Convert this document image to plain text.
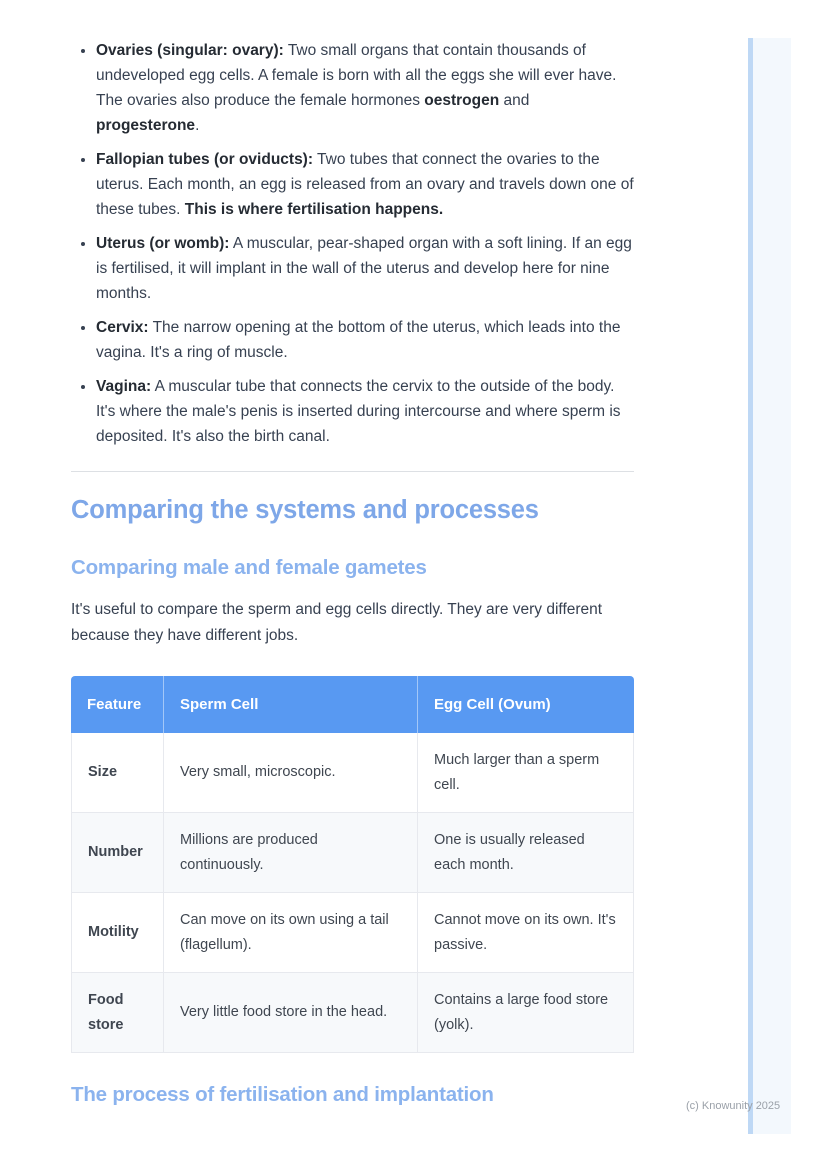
• Ovaries (singular: ovary): Two small organs that contain thousands of undeveloped egg cells. A female is born with all the eggs she will ever have. The ovaries also produce the female hormones oestrogen and progesterone.
• Fallopian tubes (or oviducts): Two tubes that connect the ovaries to the uterus. Each month, an egg is released from an ovary and travels down one of these tubes. This is where fertilisation happens.
• Uterus (or womb): A muscular, pear-shaped organ with a soft lining. If an egg is fertilised, it will implant in the wall of the uterus and develop here for nine months.
• Cervix: The narrow opening at the bottom of the uterus, which leads into the vagina. It's a ring of muscle.
• Vagina: A muscular tube that connects the cervix to the outside of the body. It's where the male's penis is inserted during intercourse and where sperm is deposited. It's also the birth canal.
Comparing the systems and processes
Comparing male and female gametes

It's useful to compare the sperm and egg cells directly. They are very different because they have different jobs.

Feature	Sperm Cell	Egg Cell (Ovum)
Size	Very small, microscopic.	Much larger than a sperm cell.
Number	Millions are produced continuously.	One is usually released each month.
Motility	Can move on its own using a tail (flagellum).	Cannot move on its own. It's passive.
Food store	Very little food store in the head.	Contains a large food store (yolk).
The process of fertilisation and implantation	(c) Knowunity 2025
